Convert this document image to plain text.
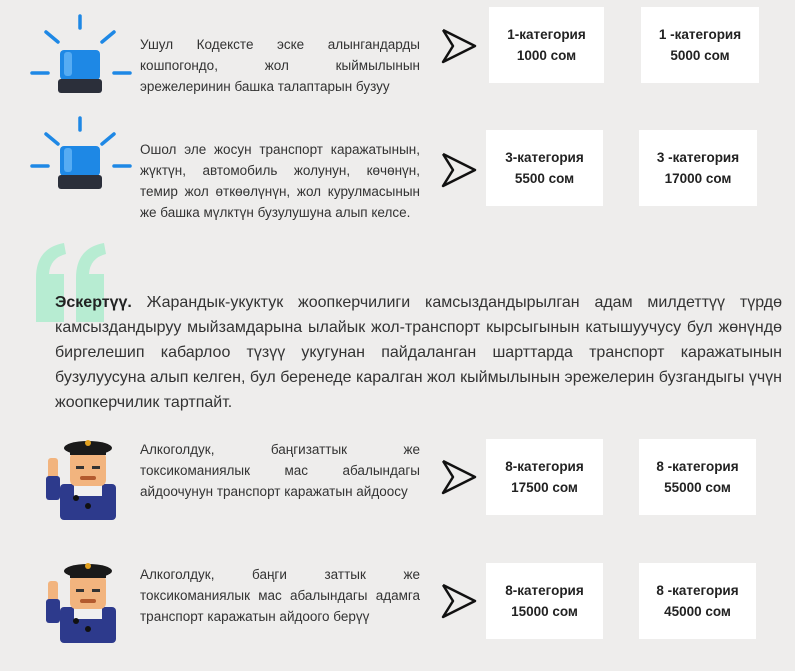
Ушул Кодексте эске алынгандарды кошпогондо, жол кыймылынын эрежелеринин башка талаптарын бузуу
1-категория
1000 сом
1 -категория
5000 сом
Ошол эле жосун транспорт каражатынын, жүктүн, автомобиль жолунун, көчөнүн, темир жол өткөөлүнүн, жол курулмасынын же башка мүлктүн бузулушуна алып келсе.
3-категория
5500 сом
3 -категория
17000 сом
Эскертүү. Жарандык-укуктук жоопкерчилиги камсыздандырылган адам милдеттүү түрдө камсыздандыруу мыйзамдарына ылайык жол-транспорт кырсыгынын катышуучусу бул жөнүндө биргелешип кабарлоо түзүү укугунан пайдаланган шарттарда транспорт каражатынын бузулуусуна алып келген, бул беренеде каралган жол кыймылынын эрежелерин бузгандыгы үчүн жоопкерчилик тартпайт.
Алкоголдук, баңгизаттык же токсикоманиялык мас абалындагы айдоочунун транспорт каражатын айдоосу
8-категория
17500 сом
8 -категория
55000 сом
Алкоголдук, баңги заттык же токсикоманиялык мас абалындагы адамга транспорт каражатын айдоого берүү
8-категория
15000 сом
8 -категория
45000 сом
